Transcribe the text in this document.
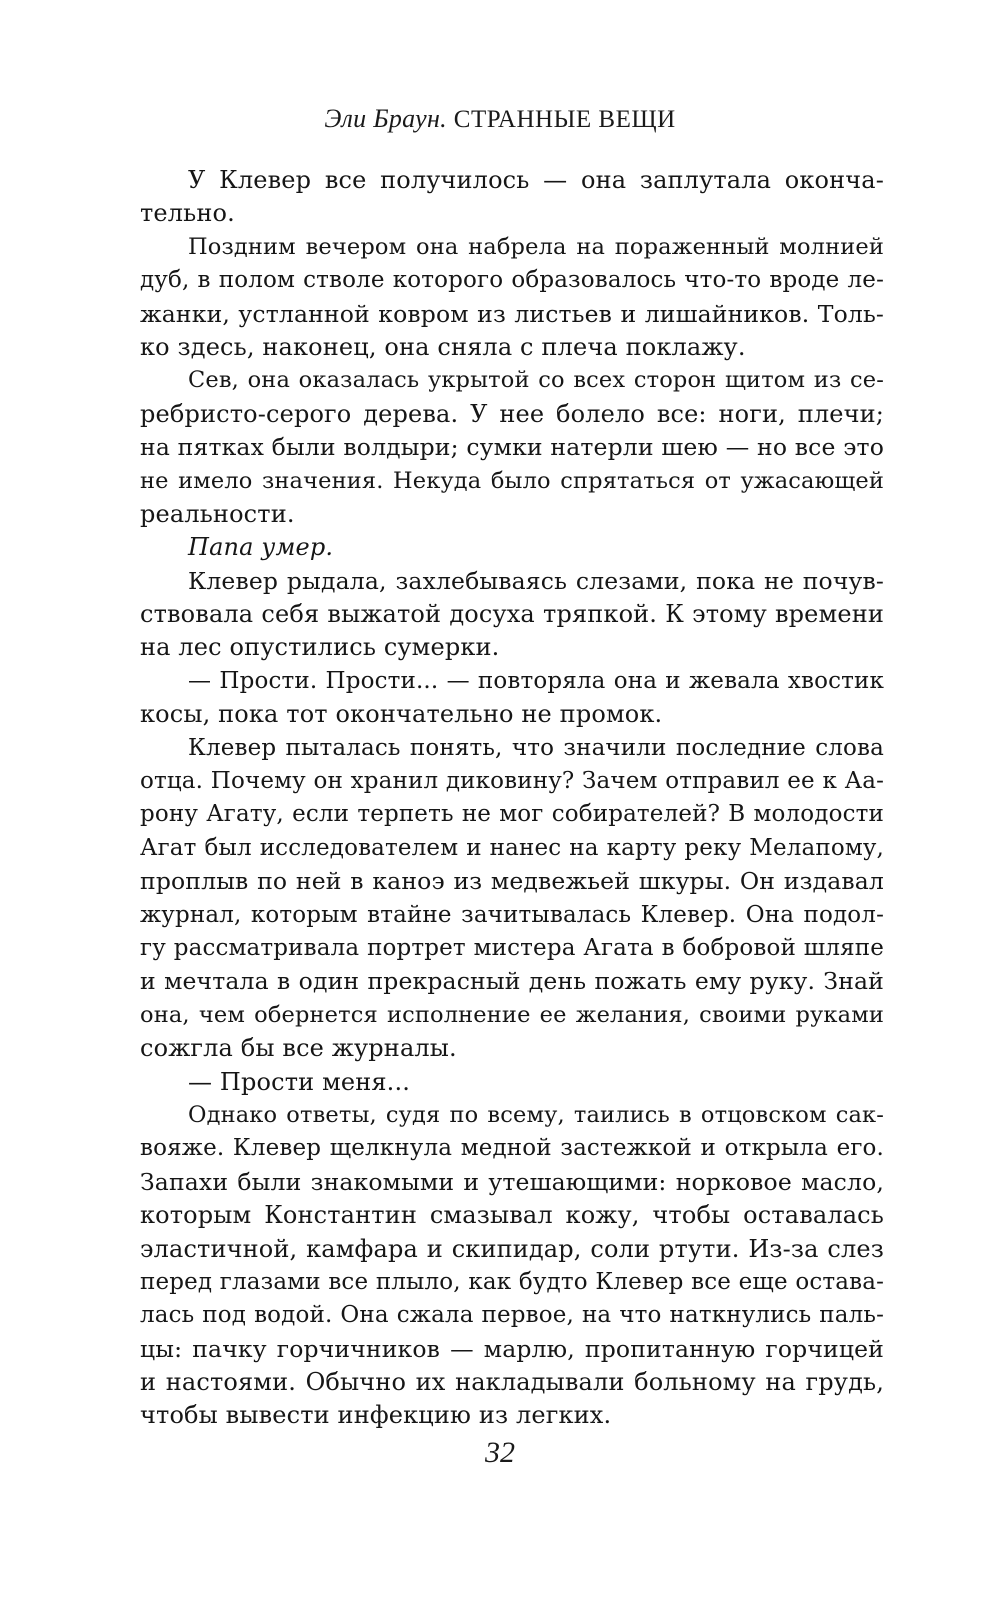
Эли Браун. СТРАННЫЕ ВЕЩИ
У Клевер все получилось — она заплутала оконча-
тельно.
Поздним вечером она набрела на пораженный молнией
дуб, в полом стволе которого образовалось что-то вроде ле-
жанки, устланной ковром из листьев и лишайников. Толь-
ко здесь, наконец, она сняла с плеча поклажу.
Сев, она оказалась укрытой со всех сторон щитом из се-
ребристо-серого дерева. У нее болело все: ноги, плечи;
на пятках были волдыри; сумки натерли шею — но все это
не имело значения. Некуда было спрятаться от ужасающей
реальности.
Папа умер.
Клевер рыдала, захлебываясь слезами, пока не почув-
ствовала себя выжатой досуха тряпкой. К этому времени
на лес опустились сумерки.
— Прости. Прости... — повторяла она и жевала хвостик
косы, пока тот окончательно не промок.
Клевер пыталась понять, что значили последние слова
отца. Почему он хранил диковину? Зачем отправил ее к Аа-
рону Агату, если терпеть не мог собирателей? В молодости
Агат был исследователем и нанес на карту реку Мелапому,
проплыв по ней в каноэ из медвежьей шкуры. Он издавал
журнал, которым втайне зачитывалась Клевер. Она подол-
гу рассматривала портрет мистера Агата в бобровой шляпе
и мечтала в один прекрасный день пожать ему руку. Знай
она, чем обернется исполнение ее желания, своими руками
сожгла бы все журналы.
— Прости меня...
Однако ответы, судя по всему, таились в отцовском сак-
вояже. Клевер щелкнула медной застежкой и открыла его.
Запахи были знакомыми и утешающими: норковое масло,
которым Константин смазывал кожу, чтобы оставалась
эластичной, камфара и скипидар, соли ртути. Из-за слез
перед глазами все плыло, как будто Клевер все еще остава-
лась под водой. Она сжала первое, на что наткнулись паль-
цы: пачку горчичников — марлю, пропитанную горчицей
и настоями. Обычно их накладывали больному на грудь,
чтобы вывести инфекцию из легких.
32
